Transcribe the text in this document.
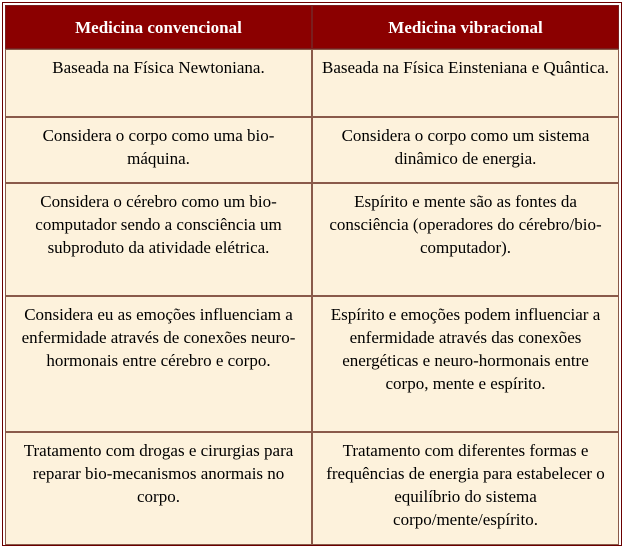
Medicina convencional	Medicina vibracional
Baseada na Física Newtoniana.	Baseada na Física Einsteniana e Quântica.
Considera o corpo como uma bio-máquina.	Considera o corpo como um sistema dinâmico de energia.
Considera o cérebro como um bio-computador sendo a consciência um subproduto da atividade elétrica.	Espírito e mente são as fontes da consciência (operadores do cérebro/bio-computador).
Considera eu as emoções influenciam a enfermidade através de conexões neuro-hormonais entre cérebro e corpo.	Espírito e emoções podem influenciar a enfermidade através das conexões energéticas e neuro-hormonais entre corpo, mente e espírito.
Tratamento com drogas e cirurgias para reparar bio-mecanismos anormais no corpo.	Tratamento com diferentes formas e frequências de energia para estabelecer o equilíbrio do sistema corpo/mente/espírito.
